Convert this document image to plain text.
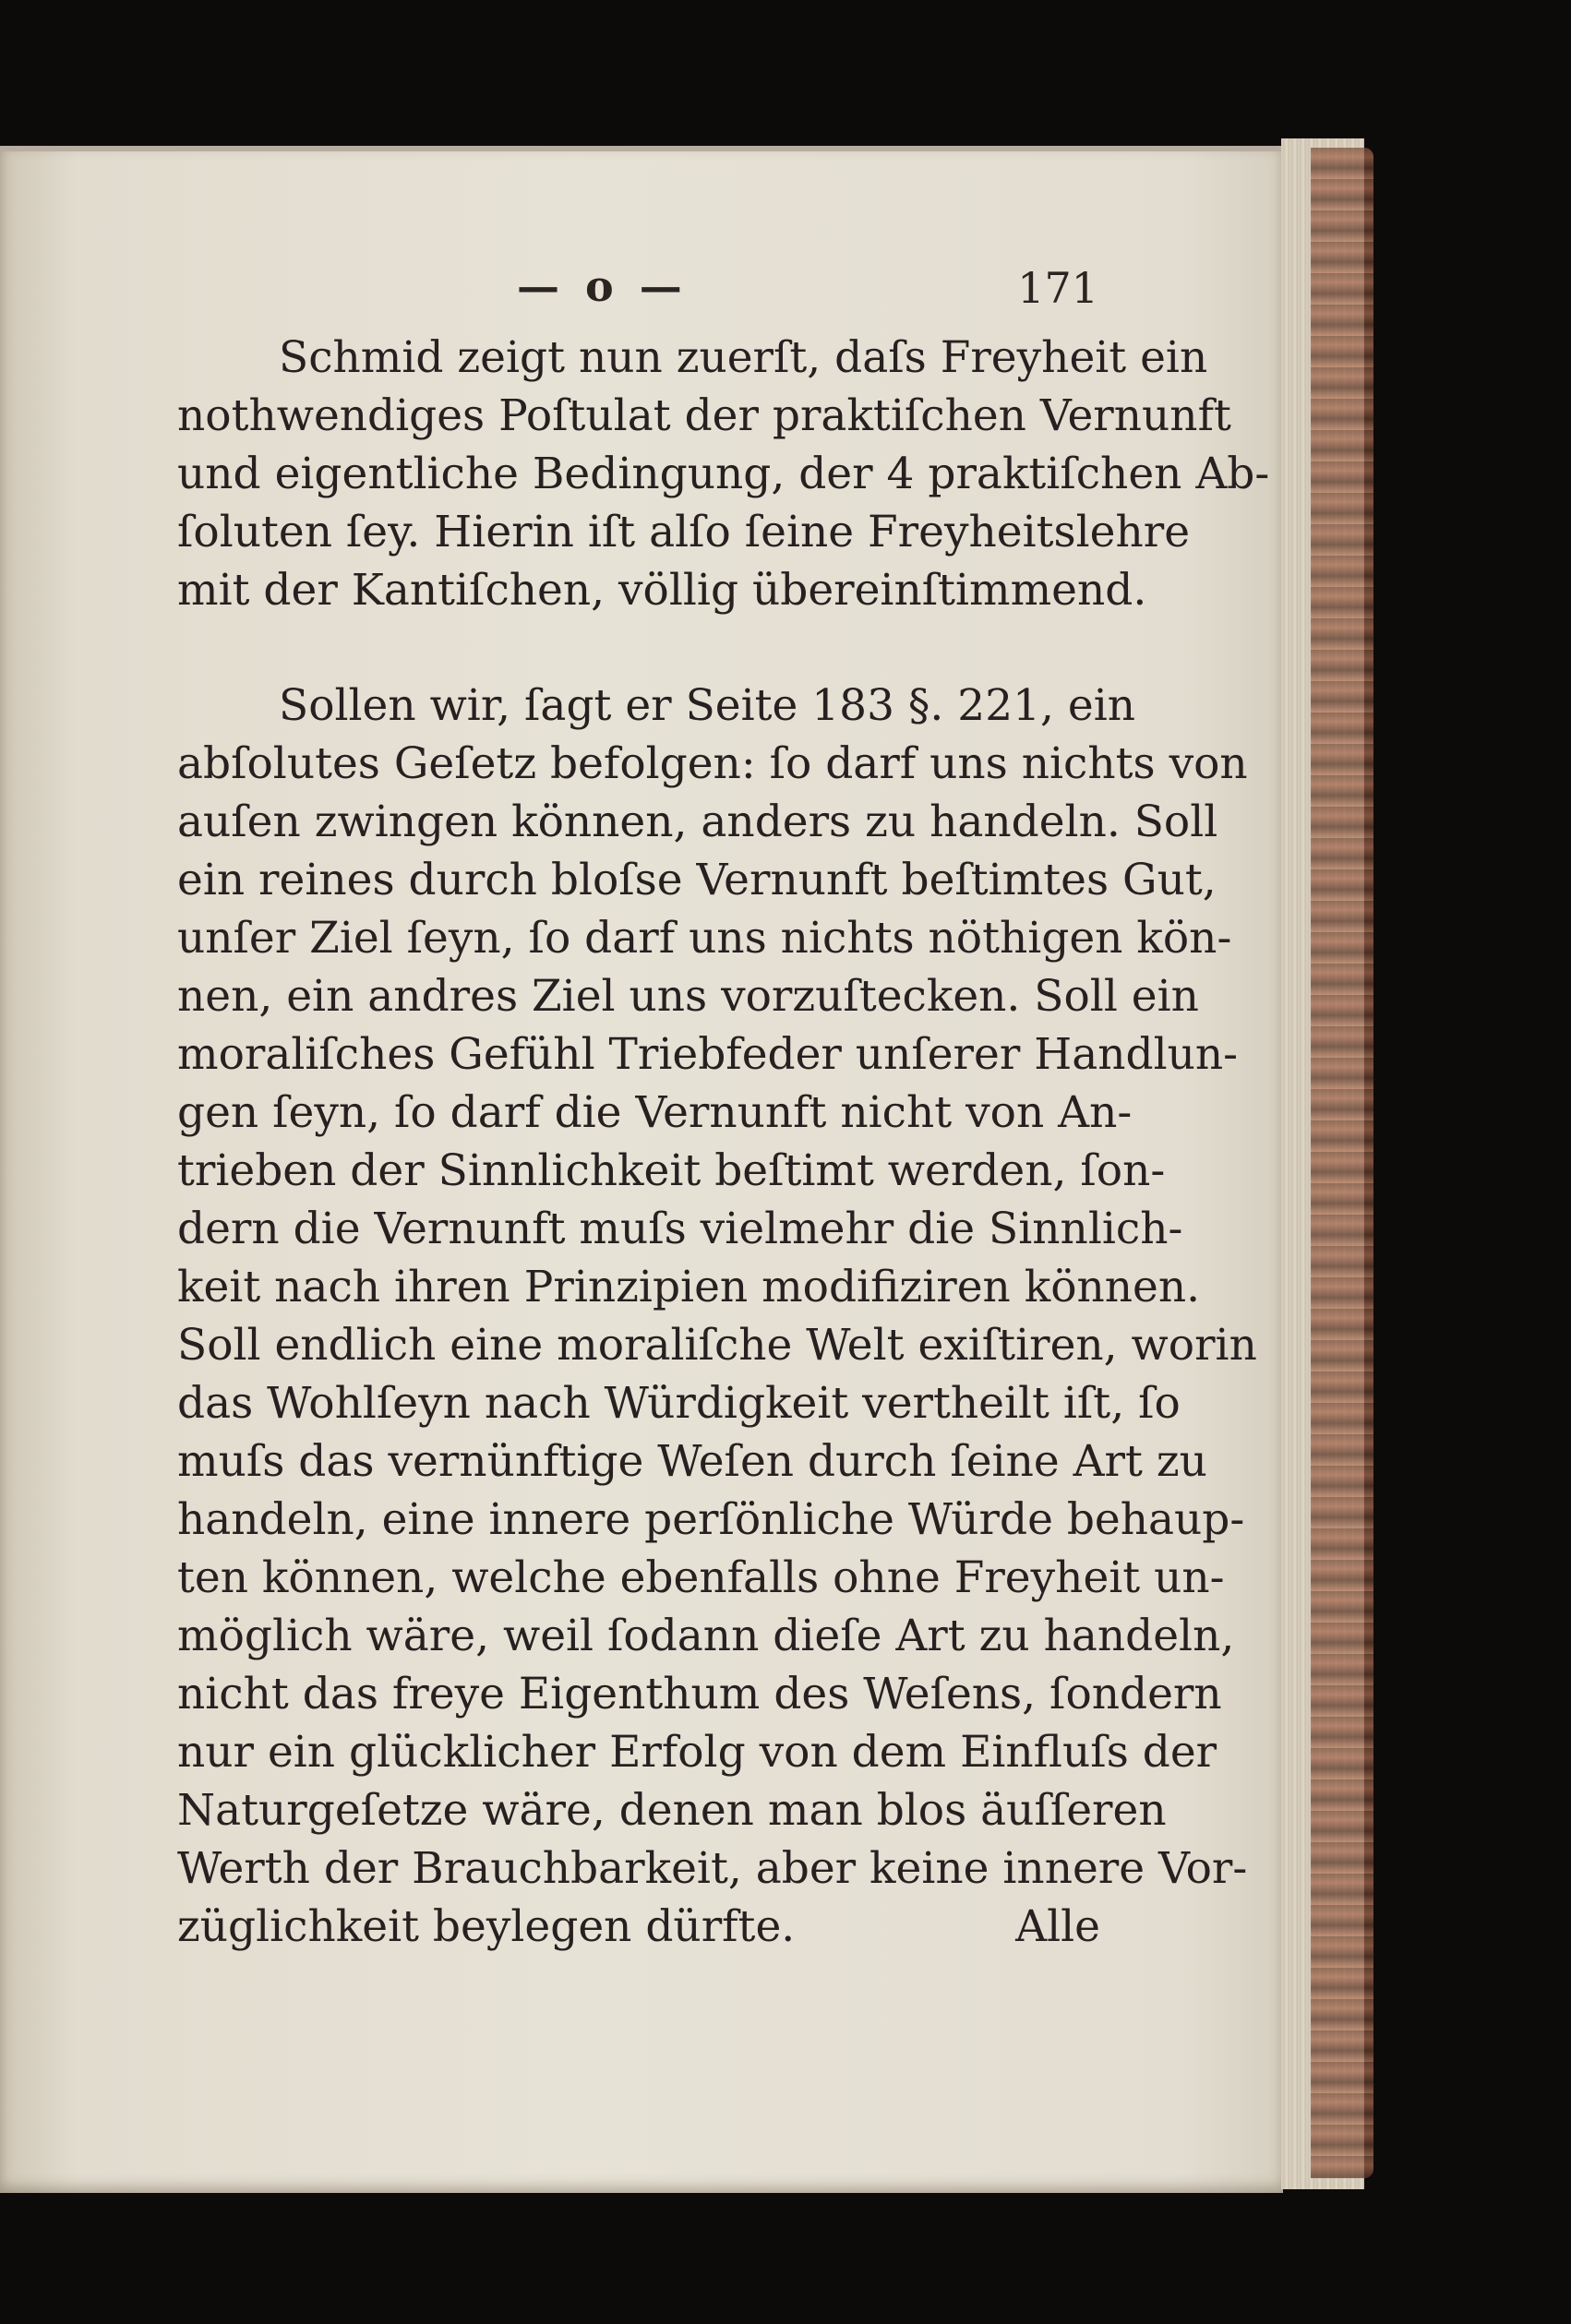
— o —	171
Schmid zeigt nun zuerſt, daſs Freyheit ein
nothwendiges Poſtulat der praktiſchen Vernunft
und eigentliche Bedingung, der 4 praktiſchen Ab-
ſoluten ſey. Hierin iſt alſo ſeine Freyheitslehre
mit der Kantiſchen, völlig übereinſtimmend.
Sollen wir, ſagt er Seite 183 §. 221, ein
abſolutes Geſetz befolgen: ſo darf uns nichts von
auſen zwingen können, anders zu handeln. Soll
ein reines durch bloſse Vernunft beſtimtes Gut,
unſer Ziel ſeyn, ſo darf uns nichts nöthigen kön-
nen, ein andres Ziel uns vorzuſtecken. Soll ein
moraliſches Gefühl Triebfeder unſerer Handlun-
gen ſeyn, ſo darf die Vernunft nicht von An-
trieben der Sinnlichkeit beſtimt werden, ſon-
dern die Vernunft muſs vielmehr die Sinnlich-
keit nach ihren Prinzipien modifiziren können.
Soll endlich eine moraliſche Welt exiſtiren, worin
das Wohlſeyn nach Würdigkeit vertheilt iſt, ſo
muſs das vernünftige Weſen durch ſeine Art zu
handeln, eine innere perſönliche Würde behaup-
ten können, welche ebenfalls ohne Freyheit un-
möglich wäre, weil ſodann dieſe Art zu handeln,
nicht das freye Eigenthum des Weſens, ſondern
nur ein glücklicher Erfolg von dem Einfluſs der
Naturgeſetze wäre, denen man blos äuſſeren
Werth der Brauchbarkeit, aber keine innere Vor-
züglichkeit beylegen dürfte.	Alle
